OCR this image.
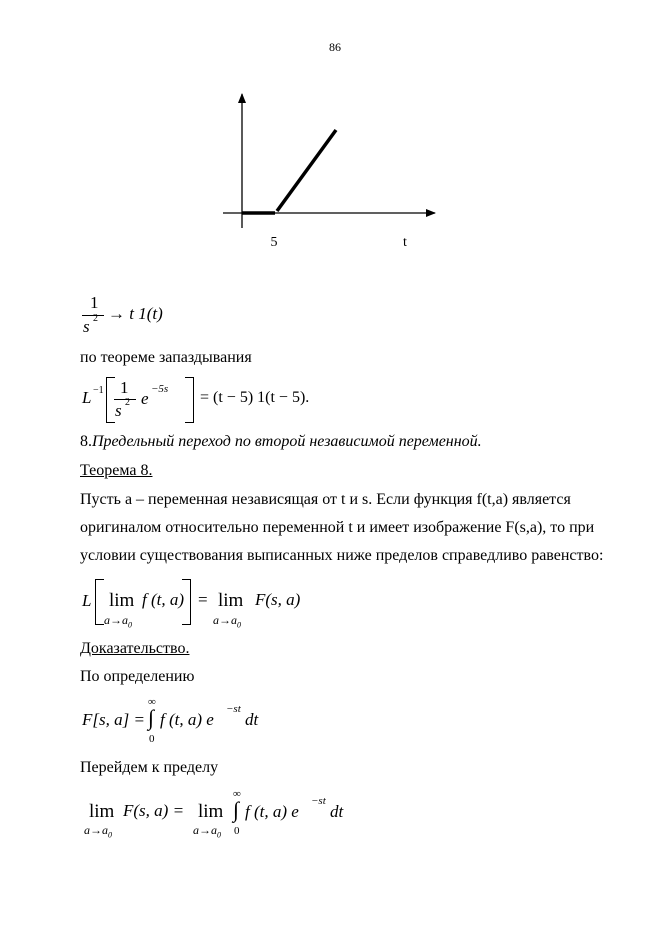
86
5	t
1
s 2 → t 1(t)
по теореме запаздывания
L −1 1
s 2 e −5s = (t − 5) 1(t − 5).
8.Предельный переход по второй независимой переменной.
Теорема 8.
Пусть a – переменная независящая от t и s. Если функция f(t,a) является
оригиналом относительно переменной t и имеет изображение F(s,a), то при
условии существования выписанных ниже пределов справедливо равенство:
L lim
$a\to a_0$
f (t, a) = lim
$a\to a_0$
F(s, a)
Доказательство.
По определению
F[s, a] =
∞
∫
0
f (t, a) e
−st
dt
Перейдем к пределу
lim
$a\to a_0$
F(s, a) = lim
$a\to a_0$
∞
∫
0
f (t, a) e
−st
dt
